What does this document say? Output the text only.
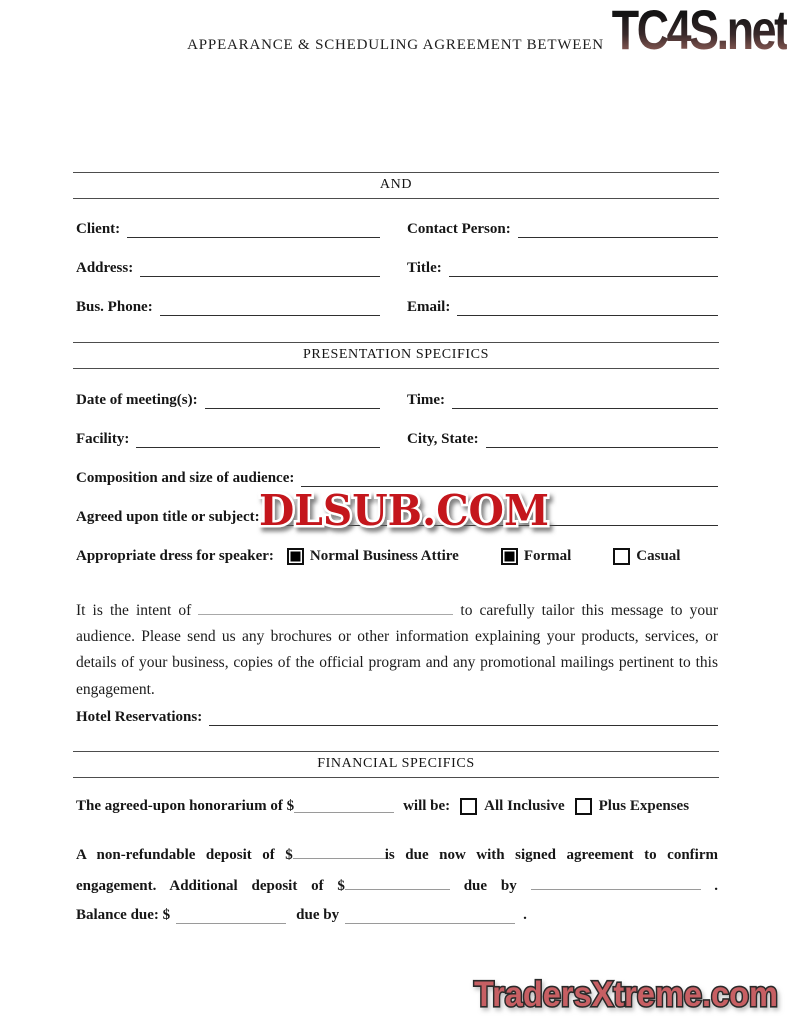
APPEARANCE & SCHEDULING AGREEMENT BETWEEN TC4S.net
AND
Client:	Contact Person:
Address:	Title:
Bus. Phone:	Email:
PRESENTATION SPECIFICS
Date of meeting(s):	Time:
Facility:	City, State:
Composition and size of audience:
Agreed upon title or subject:
Appropriate dress for speaker: Normal Business Attire	Formal	Casual
DLSUB.COM
It is the intent of	to carefully tailor this message to your audience. Please send us any brochures or other information explaining your products, services, or details of your business, copies of the official program and any promotional mailings pertinent to this engagement.
Hotel Reservations:
FINANCIAL SPECIFICS
The agreed-upon honorarium of $	will be: All Inclusive Plus Expenses
A non-refundable deposit of $	is due now with signed agreement to confirm
engagement. Additional deposit of $	due by	.
Balance due: $	due by	.
TradersXtreme.com
